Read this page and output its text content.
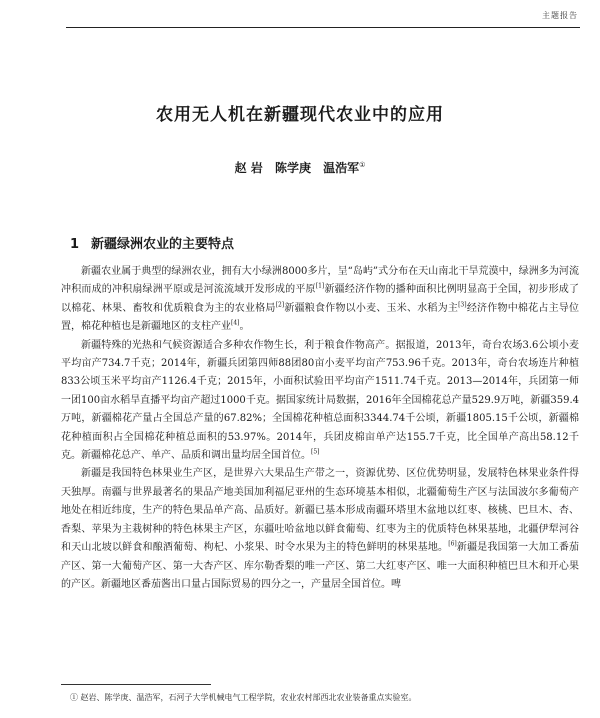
主题报告
农用无人机在新疆现代农业中的应用
赵 岩 陈学庚 温浩军①
1 新疆绿洲农业的主要特点

新疆农业属于典型的绿洲农业，拥有大小绿洲8000多片，呈“岛屿”式分布在天山南北干旱荒漠中，绿洲多为河流冲积而成的冲积扇绿洲平原或是河流流域开发形成的平原[1]新疆经济作物的播种面积比例明显高于全国，初步形成了以棉花、林果、畜牧和优质粮食为主的农业格局[2]新疆粮食作物以小麦、玉米、水稻为主[3]经济作物中棉花占主导位置，棉花种植也是新疆地区的支柱产业[4]。

新疆特殊的光热和气候资源适合多种农作物生长，利于粮食作物高产。据报道，2013年，奇台农场3.6公顷小麦平均亩产734.7千克；2014年，新疆兵团第四师88团80亩小麦平均亩产753.96千克。2013年，奇台农场连片种植833公顷玉米平均亩产1126.4千克；2015年，小面积试验田平均亩产1511.74千克。2013—2014年，兵团第一师一团100亩水稻旱直播平均亩产超过1000千克。据国家统计局数据，2016年全国棉花总产量529.9万吨，新疆359.4万吨，新疆棉花产量占全国总产量的67.82%；全国棉花种植总面积3344.74千公顷，新疆1805.15千公顷，新疆棉花种植面积占全国棉花种植总面积的53.97%。2014年，兵团皮棉亩单产达155.7千克，比全国单产高出58.12千克。新疆棉花总产、单产、品质和调出量均居全国首位。[5]

新疆是我国特色林果业生产区，是世界六大果品生产带之一，资源优势、区位优势明显，发展特色林果业条件得天独厚。南疆与世界最著名的果品产地美国加利福尼亚州的生态环境基本相似，北疆葡萄生产区与法国波尔多葡萄产地处在相近纬度，生产的特色果品单产高、品质好。新疆已基本形成南疆环塔里木盆地以红枣、核桃、巴旦木、杏、香梨、苹果为主栽树种的特色林果主产区，东疆吐哈盆地以鲜食葡萄、红枣为主的优质特色林果基地，北疆伊犁河谷和天山北坡以鲜食和酿酒葡萄、枸杞、小浆果、时令水果为主的特色鲜明的林果基地。[6]新疆是我国第一大加工番茄产区、第一大葡萄产区、第一大杏产区、库尔勒香梨的唯一产区、第二大红枣产区、唯一大面积种植巴旦木和开心果的产区。新疆地区番茄酱出口量占国际贸易的四分之一，产量居全国首位。啤

① 赵岩、陈学庚、温浩军，石河子大学机械电气工程学院，农业农村部西北农业装备重点实验室。
